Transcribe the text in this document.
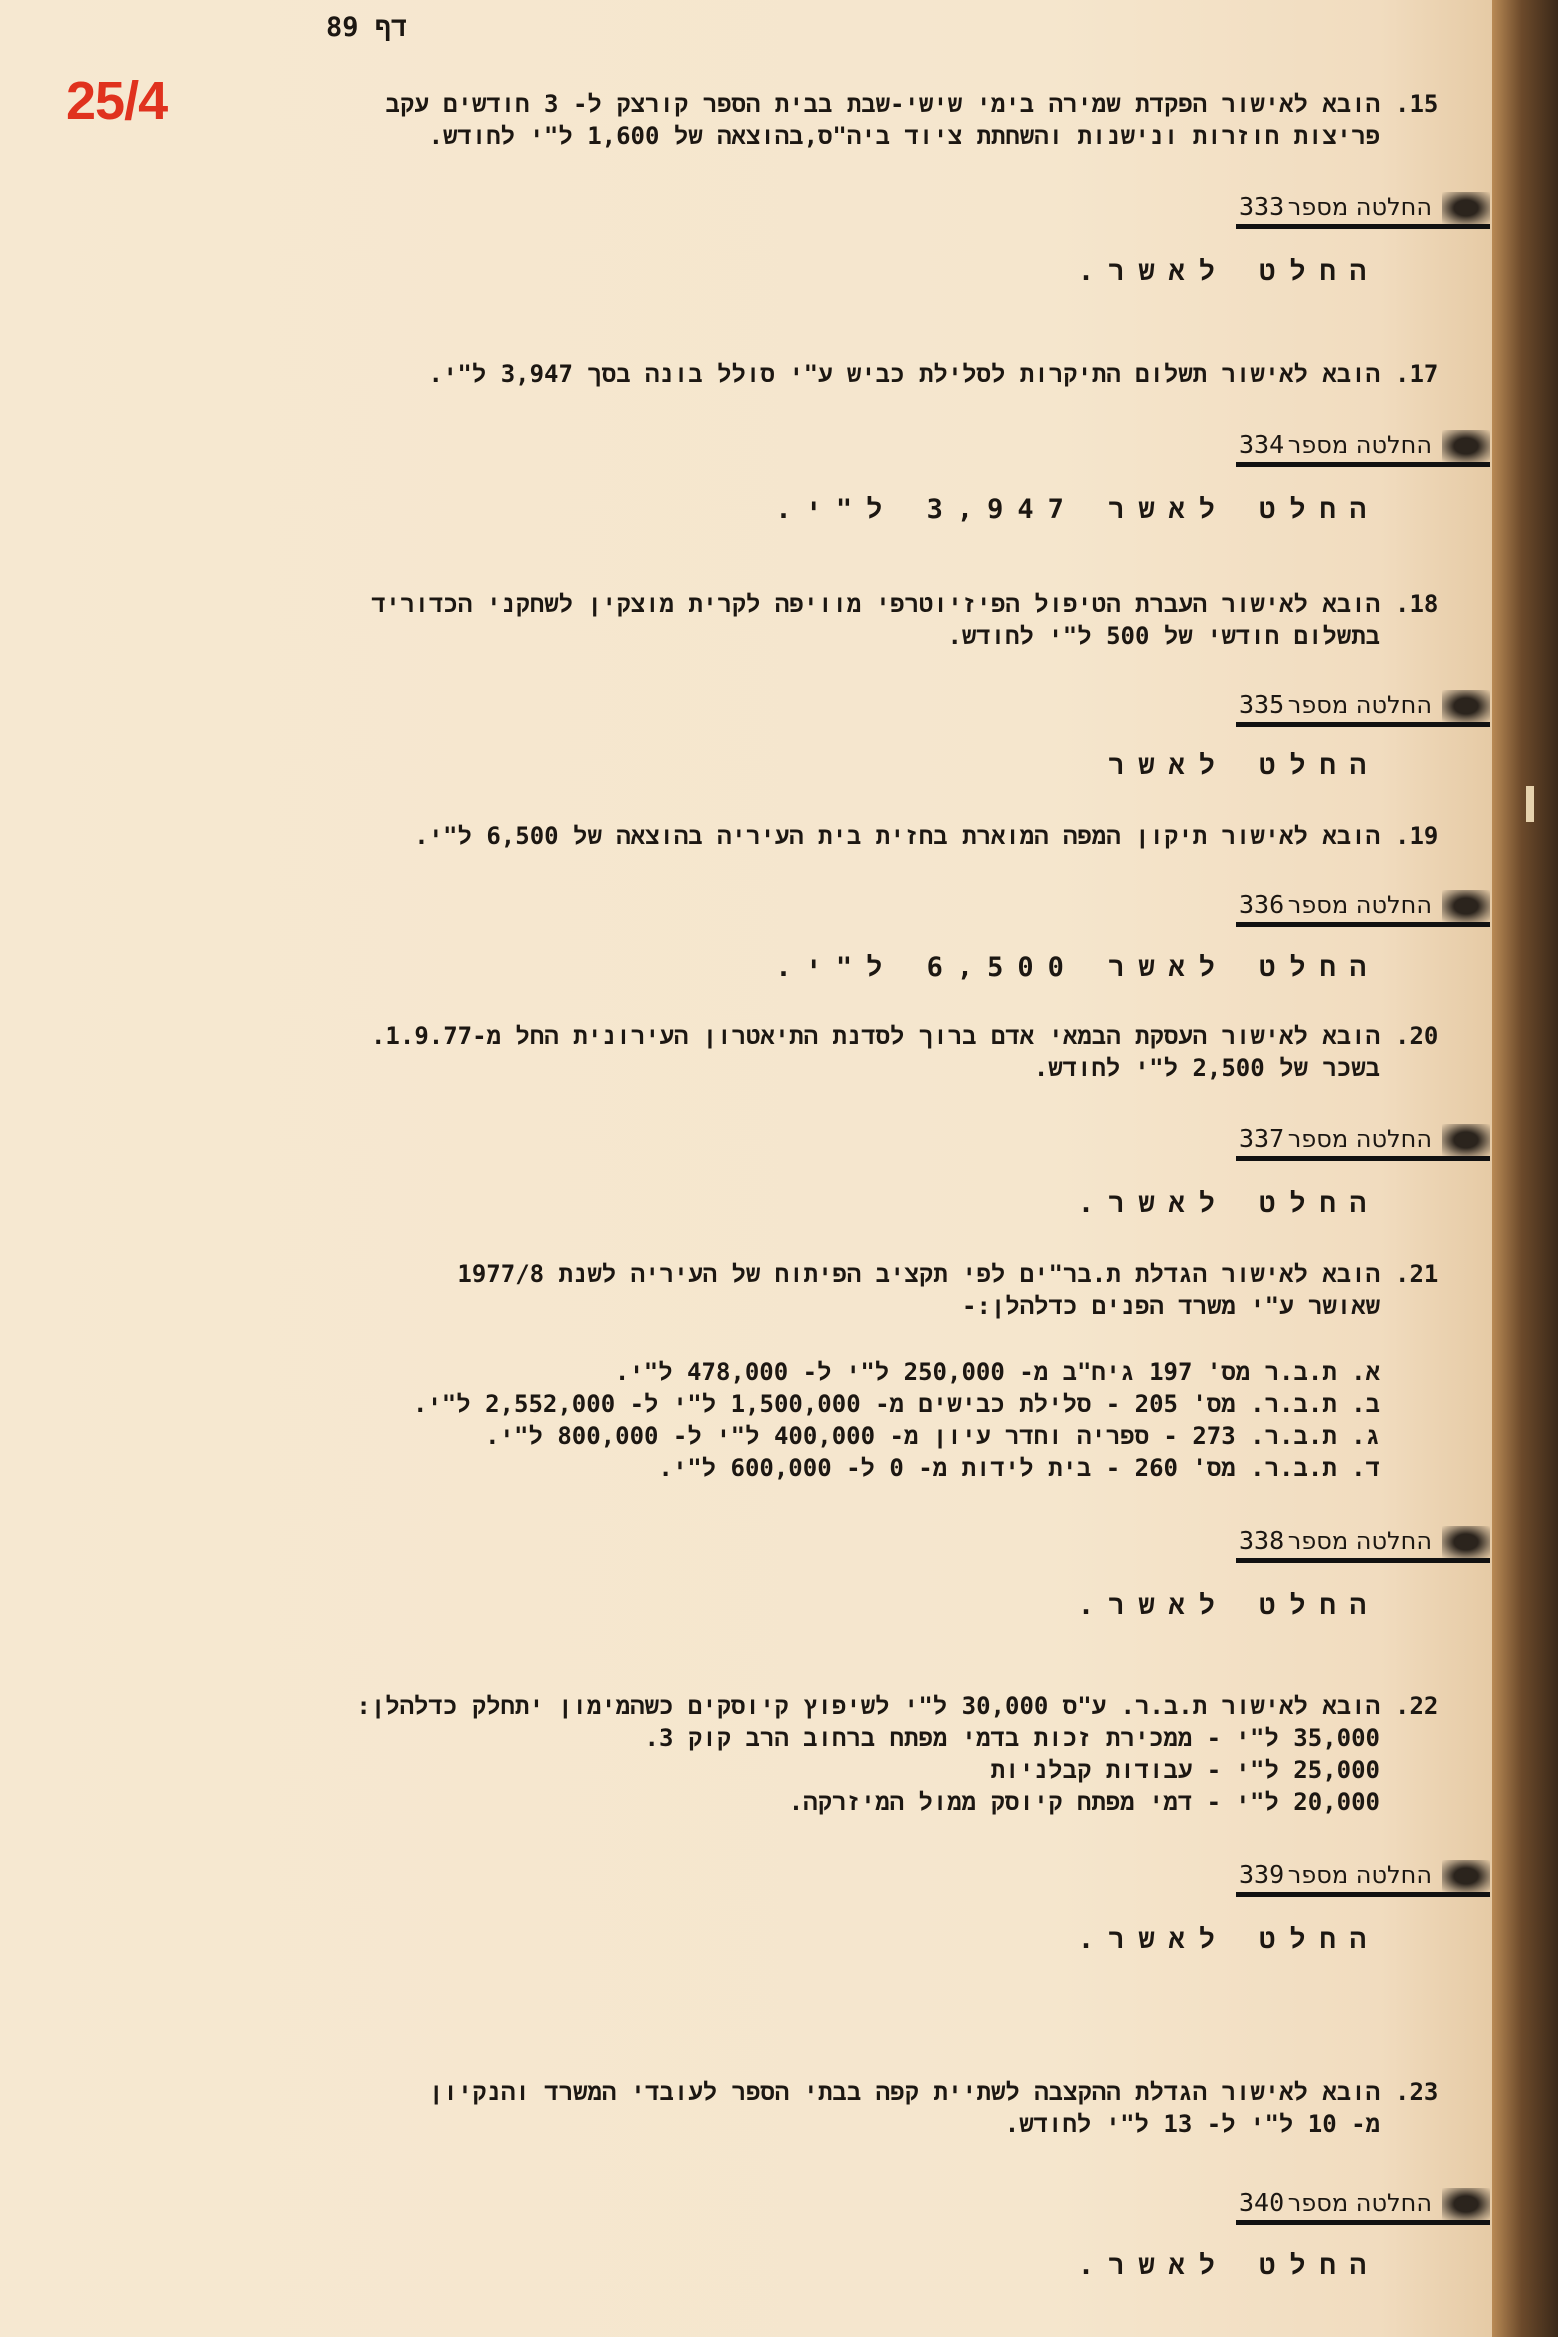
89 דף
25/4	.15
הובא לאישור הפקדת שמירה בימי שישי-שבת בבית הספר קורצק ל- 3 חודשים עקב
פריצות חוזרות ונישנות והשחתת ציוד ביה"ס,בהוצאה של 1,600 ל"י לחודש.
החלטה מספר
333
החלט לאשר.
.17
הובא לאישור תשלום התיקרות לסלילת כביש ע"י סולל בונה בסך 3,947 ל"י.
החלטה מספר
334
החלט לאשר 3,947 ל"י.
.18
הובא לאישור העברת הטיפול הפיזיוטרפי מוויפה לקרית מוצקין לשחקני הכדוריד
בתשלום חודשי של 500 ל"י לחודש.
החלטה מספר
335
החלט לאשר
.19
הובא לאישור תיקון המפה המוארת בחזית בית העיריה בהוצאה של 6,500 ל"י.
החלטה מספר
336
החלט לאשר 6,500 ל"י.
.20
הובא לאישור העסקת הבמאי אדם ברוך לסדנת התיאטרון העירונית החל מ-1.9.77.
בשכר של 2,500 ל"י לחודש.
החלטה מספר
337
החלט לאשר.
.21
הובא לאישור הגדלת ת.בר"ים לפי תקציב הפיתוח של העיריה לשנת 1977/8
שאושר ע"י משרד הפנים כדלהלן:-
א. ת.ב.ר מס' 197 גיח"ב מ- 250,000 ל"י ל- 478,000 ל"י.
ב. ת.ב.ר. מס' 205 - סלילת כבישים מ- 1,500,000 ל"י ל- 2,552,000 ל"י.
ג. ת.ב.ר. 273 - ספריה וחדר עיון מ- 400,000 ל"י ל- 800,000 ל"י.
ד. ת.ב.ר. מס' 260 - בית לידות מ- 0 ל- 600,000 ל"י.
החלטה מספר
338
החלט לאשר.
.22
הובא לאישור ת.ב.ר. ע"ס 30,000 ל"י לשיפוץ קיוסקים כשהמימון יתחלק כדלהלן:
35,000 ל"י - ממכירת זכות בדמי מפתח ברחוב הרב קוק 3.
25,000 ל"י - עבודות קבלניות
20,000 ל"י - דמי מפתח קיוסק ממול המיזרקה.
החלטה מספר
339
החלט לאשר.
.23
הובא לאישור הגדלת ההקצבה לשתיית קפה בבתי הספר לעובדי המשרד והנקיון
מ- 10 ל"י ל- 13 ל"י לחודש.
החלטה מספר
340
החלט לאשר.
